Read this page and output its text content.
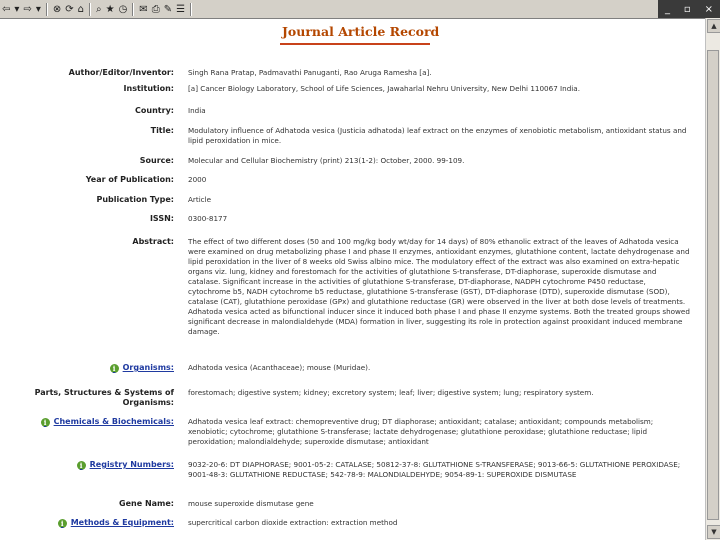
⇦ ▾ ⇨ ▾ ⊗ ⟳ ⌂ ⌕ ★ ◷ ✉ ⎙ ✎ ☰	_ ▫ ×
Journal Article Record
Author/Editor/Inventor: Singh Rana Pratap, Padmavathi Panuganti, Rao Aruga Ramesha [a].
Institution: [a] Cancer Biology Laboratory, School of Life Sciences, Jawaharlal Nehru University, New Delhi 110067 India.
Country: India
Title: Modulatory influence of Adhatoda vesica (Justicia adhatoda) leaf extract on the enzymes of xenobiotic metabolism, antioxidant status and lipid peroxidation in mice.
Source: Molecular and Cellular Biochemistry (print) 213(1-2): October, 2000. 99-109.
Year of Publication: 2000
Publication Type: Article
ISSN: 0300-8177
Abstract: The effect of two different doses (50 and 100 mg/kg body wt/day for 14 days) of 80% ethanolic extract of the leaves of Adhatoda vesica were examined on drug metabolizing phase I and phase II enzymes, antioxidant enzymes, glutathione content, lactate dehydrogenase and lipid peroxidation in the liver of 8 weeks old Swiss albino mice. The modulatory effect of the extract was also examined on extra-hepatic organs viz. lung, kidney and forestomach for the activities of glutathione S-transferase, DT-diaphorase, superoxide dismutase and catalase. Significant increase in the activities of glutathione S-transferase, DT-diaphorase, NADPH cytochrome P450 reductase, cytochrome b5, NADH cytochrome b5 reductase, glutathione S-transferase (GST), DT-diaphorase (DTD), superoxide dismutase (SOD), catalase (CAT), glutathione peroxidase (GPx) and glutathione reductase (GR) were observed in the liver at both dose levels of treatments. Adhatoda vesica acted as bifunctional inducer since it induced both phase I and phase II enzyme systems. Both the treated groups showed significant decrease in malondialdehyde (MDA) formation in liver, suggesting its role in protection against prooxidant induced membrane damage.
i Organisms: Adhatoda vesica (Acanthaceae); mouse (Muridae).
Parts, Structures & Systems of Organisms:
forestomach; digestive system; kidney; excretory system; leaf; liver; digestive system; lung; respiratory system.
i Chemicals & Biochemicals: Adhatoda vesica leaf extract: chemopreventive drug; DT diaphorase; antioxidant; catalase; antioxidant; compounds metabolism; xenobiotic; cytochrome; glutathione S-transferase; lactate dehydrogenase; glutathione peroxidase; glutathione reductase; lipid peroxidation; malondialdehyde; superoxide dismutase; antioxidant
i Registry Numbers: 9032-20-6: DT DIAPHORASE; 9001-05-2: CATALASE; 50812-37-8: GLUTATHIONE S-TRANSFERASE; 9013-66-5: GLUTATHIONE PEROXIDASE; 9001-48-3: GLUTATHIONE REDUCTASE; 542-78-9: MALONDIALDEHYDE; 9054-89-1: SUPEROXIDE DISMUTASE
Gene Name: mouse superoxide dismutase gene
i Methods & Equipment: supercritical carbon dioxide extraction: extraction method
▲
▼
